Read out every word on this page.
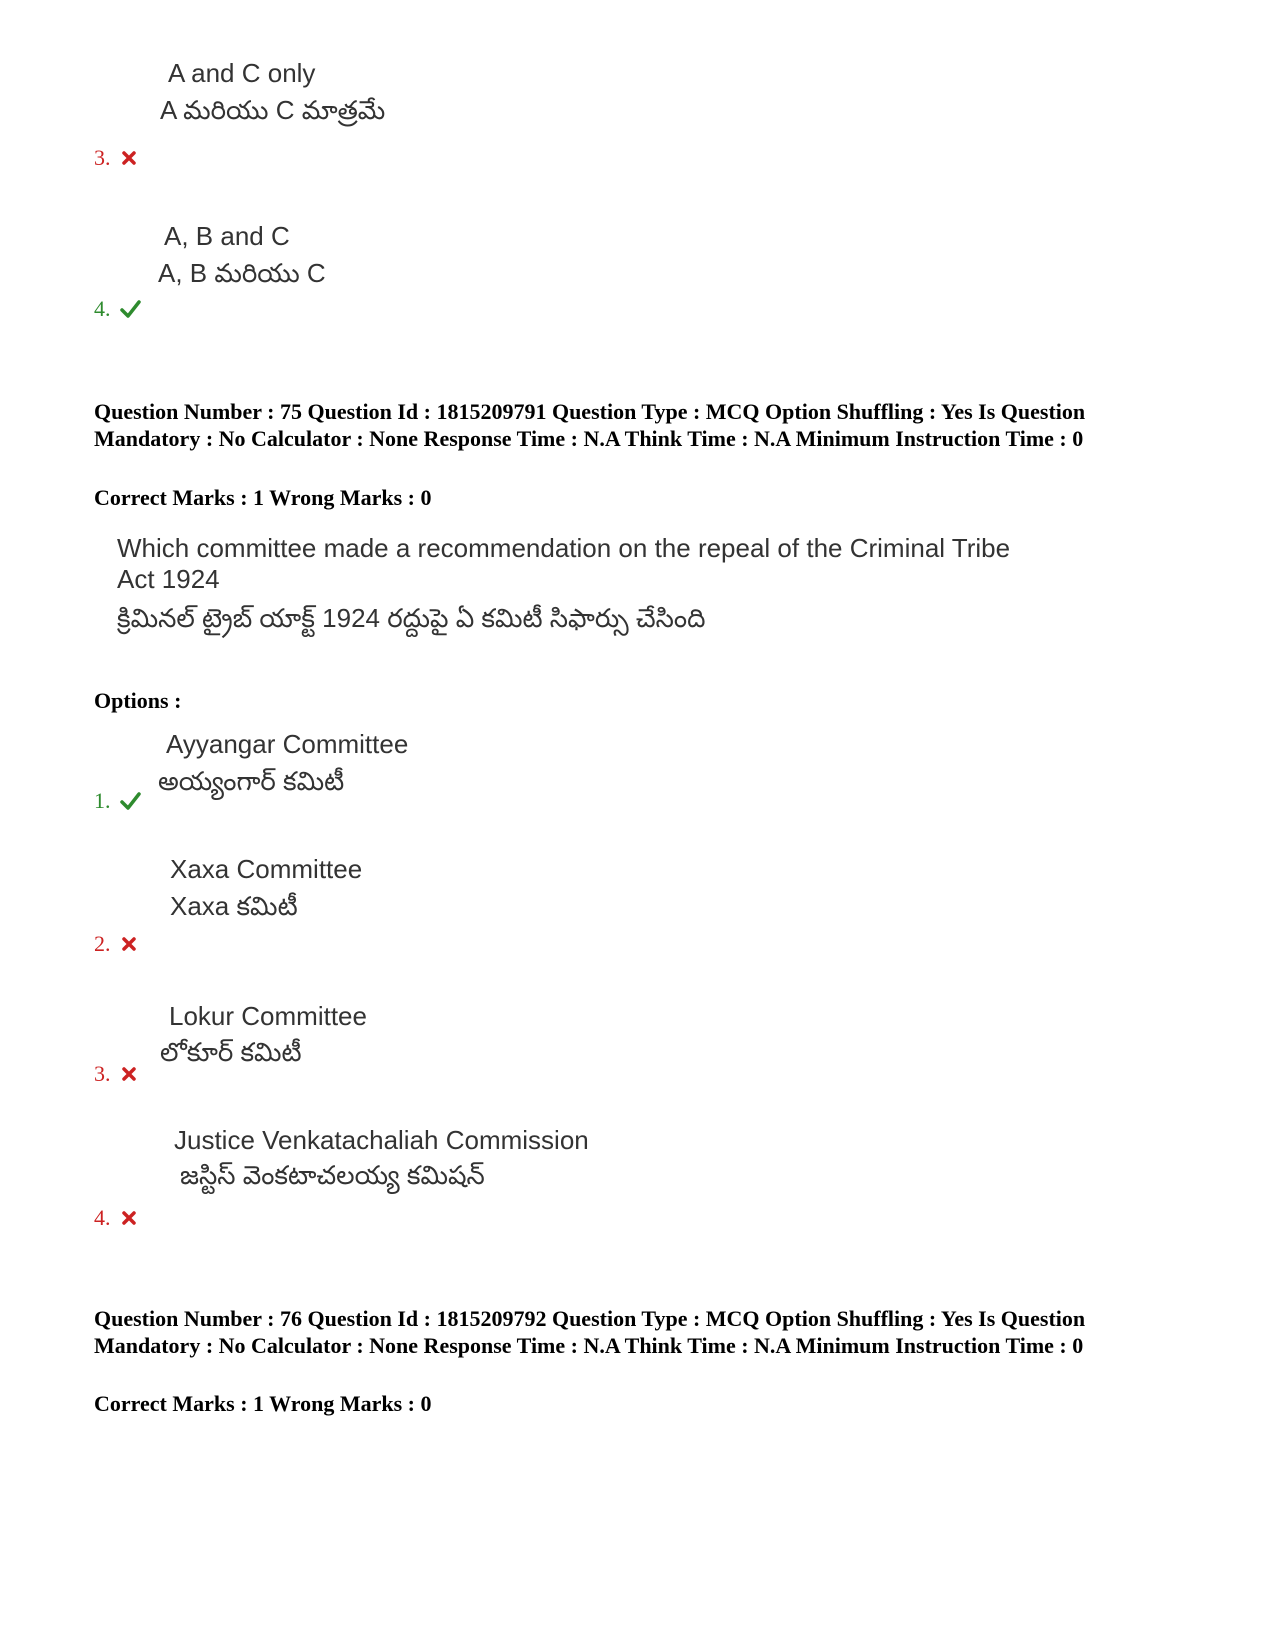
A and C only
A మరియు C మాత్రమే
3.
A, B and C
A, B మరియు C
4.
Question Number : 75 Question Id : 1815209791 Question Type : MCQ Option Shuffling : Yes Is Question Mandatory : No Calculator : None Response Time : N.A Think Time : N.A Minimum Instruction Time : 0
Correct Marks : 1 Wrong Marks : 0
Which committee made a recommendation on the repeal of the Criminal Tribe Act 1924
క్రిమినల్ ట్రైబ్ యాక్ట్ 1924 రద్దుపై ఏ కమిటీ సిఫార్సు చేసింది
Options :
Ayyangar Committee
అయ్యంగార్ కమిటీ
1.
Xaxa Committee
Xaxa కమిటీ
2.
Lokur Committee
లోకూర్ కమిటీ
3.
Justice Venkatachaliah Commission
జస్టిస్ వెంకటాచలయ్య కమిషన్
4.
Question Number : 76 Question Id : 1815209792 Question Type : MCQ Option Shuffling : Yes Is Question Mandatory : No Calculator : None Response Time : N.A Think Time : N.A Minimum Instruction Time : 0
Correct Marks : 1 Wrong Marks : 0
